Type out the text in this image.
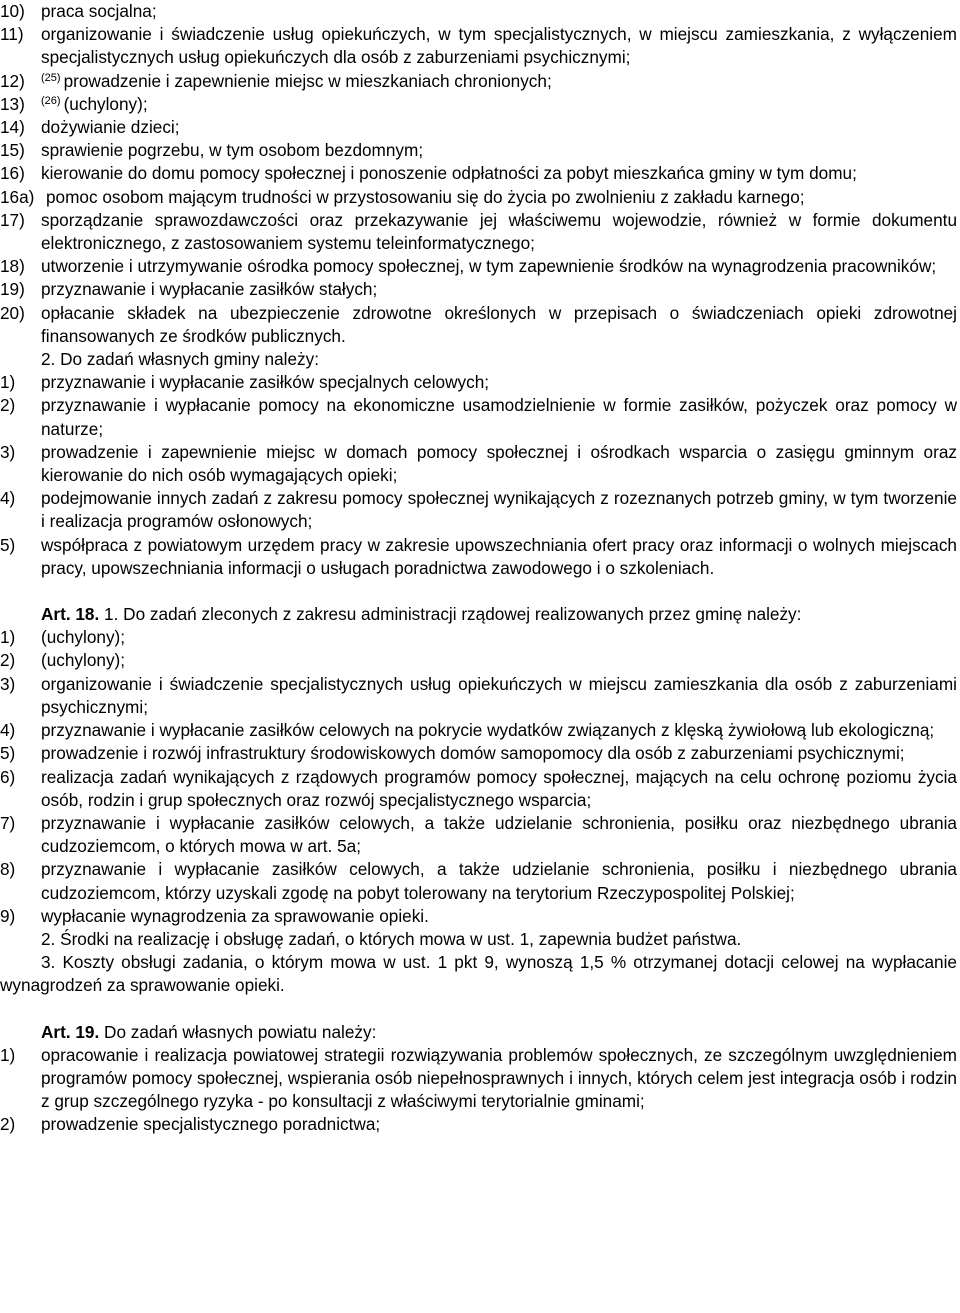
10) praca socjalna;
11)	organizowanie i świadczenie usług opiekuńczych, w tym specjalistycznych, w miejscu zamieszkania, z wyłączeniem specjalistycznych usług opiekuńczych dla osób z zaburzeniami psychicznymi;
12)	$^{(25)}$ prowadzenie i zapewnienie miejsc w mieszkaniach chronionych;
13)	$^{(26)}$ (uchylony);
14) dożywianie dzieci;
15) sprawienie pogrzebu, w tym osobom bezdomnym;
16) kierowanie do domu pomocy społecznej i ponoszenie odpłatności za pobyt mieszkańca gminy w tym domu;
16a) pomoc osobom mającym trudności w przystosowaniu się do życia po zwolnieniu z zakładu karnego;
17) sporządzanie sprawozdawczości oraz przekazywanie jej właściwemu wojewodzie, również w formie dokumentu elektronicznego, z zastosowaniem systemu teleinformatycznego;
18) utworzenie i utrzymywanie ośrodka pomocy społecznej, w tym zapewnienie środków na wynagrodzenia pracowników;
19) przyznawanie i wypłacanie zasiłków stałych;
20) opłacanie składek na ubezpieczenie zdrowotne określonych w przepisach o świadczeniach opieki zdrowotnej finansowanych ze środków publicznych.

2. Do zadań własnych gminy należy:

1)	przyznawanie i wypłacanie zasiłków specjalnych celowych;
2)	przyznawanie i wypłacanie pomocy na ekonomiczne usamodzielnienie w formie zasiłków, pożyczek oraz pomocy w naturze;
3)	prowadzenie i zapewnienie miejsc w domach pomocy społecznej i ośrodkach wsparcia o zasięgu gminnym oraz kierowanie do nich osób wymagających opieki;
4)	podejmowanie innych zadań z zakresu pomocy społecznej wynikających z rozeznanych potrzeb gminy, w tym tworzenie i realizacja programów osłonowych;
5)	współpraca z powiatowym urzędem pracy w zakresie upowszechniania ofert pracy oraz informacji o wolnych miejscach pracy, upowszechniania informacji o usługach poradnictwa zawodowego i o szkoleniach.

Art. 18. 1. Do zadań zleconych z zakresu administracji rządowej realizowanych przez gminę należy:

1)	(uchylony);
2)	(uchylony);
3)	organizowanie i świadczenie specjalistycznych usług opiekuńczych w miejscu zamieszkania dla osób z zaburzeniami psychicznymi;
4)	przyznawanie i wypłacanie zasiłków celowych na pokrycie wydatków związanych z klęską żywiołową lub ekologiczną;
5)	prowadzenie i rozwój infrastruktury środowiskowych domów samopomocy dla osób z zaburzeniami psychicznymi;
6)	realizacja zadań wynikających z rządowych programów pomocy społecznej, mających na celu ochronę poziomu życia osób, rodzin i grup społecznych oraz rozwój specjalistycznego wsparcia;
7)	przyznawanie i wypłacanie zasiłków celowych, a także udzielanie schronienia, posiłku oraz niezbędnego ubrania cudzoziemcom, o których mowa w art. 5a;
8)	przyznawanie i wypłacanie zasiłków celowych, a także udzielanie schronienia, posiłku i niezbędnego ubrania cudzoziemcom, którzy uzyskali zgodę na pobyt tolerowany na terytorium Rzeczypospolitej Polskiej;
9)	wypłacanie wynagrodzenia za sprawowanie opieki.

2. Środki na realizację i obsługę zadań, o których mowa w ust. 1, zapewnia budżet państwa.

3. Koszty obsługi zadania, o którym mowa w ust. 1 pkt 9, wynoszą 1,5 % otrzymanej dotacji celowej na wypłacanie wynagrodzeń za sprawowanie opieki.

Art. 19. Do zadań własnych powiatu należy:

1)	opracowanie i realizacja powiatowej strategii rozwiązywania problemów społecznych, ze szczególnym uwzględnieniem programów pomocy społecznej, wspierania osób niepełnosprawnych i innych, których celem jest integracja osób i rodzin z grup szczególnego ryzyka - po konsultacji z właściwymi terytorialnie gminami;
2)	prowadzenie specjalistycznego poradnictwa;
